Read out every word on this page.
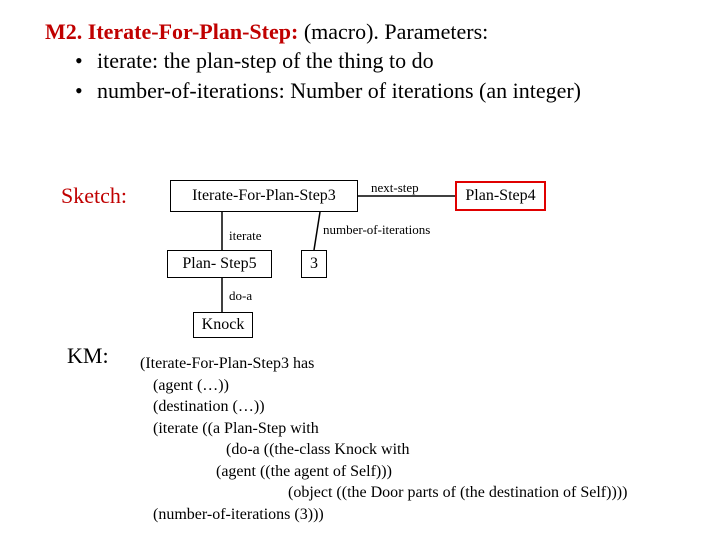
M2. Iterate-For-Plan-Step: (macro). Parameters:
• iterate: the plan-step of the thing to do
• number-of-iterations: Number of iterations (an integer)
Sketch:	Iterate-For-Plan-Step3	Plan-Step4
Plan- Step5	3
Knock
next-step
iterate	number-of-iterations
do-a
KM: (Iterate-For-Plan-Step3 has
(agent (…))
(destination (…))
(iterate ((a Plan-Step with
(do-a ((the-class Knock with
(agent ((the agent of Self)))
(object ((the Door parts of (the destination of Self))))
(number-of-iterations (3)))
